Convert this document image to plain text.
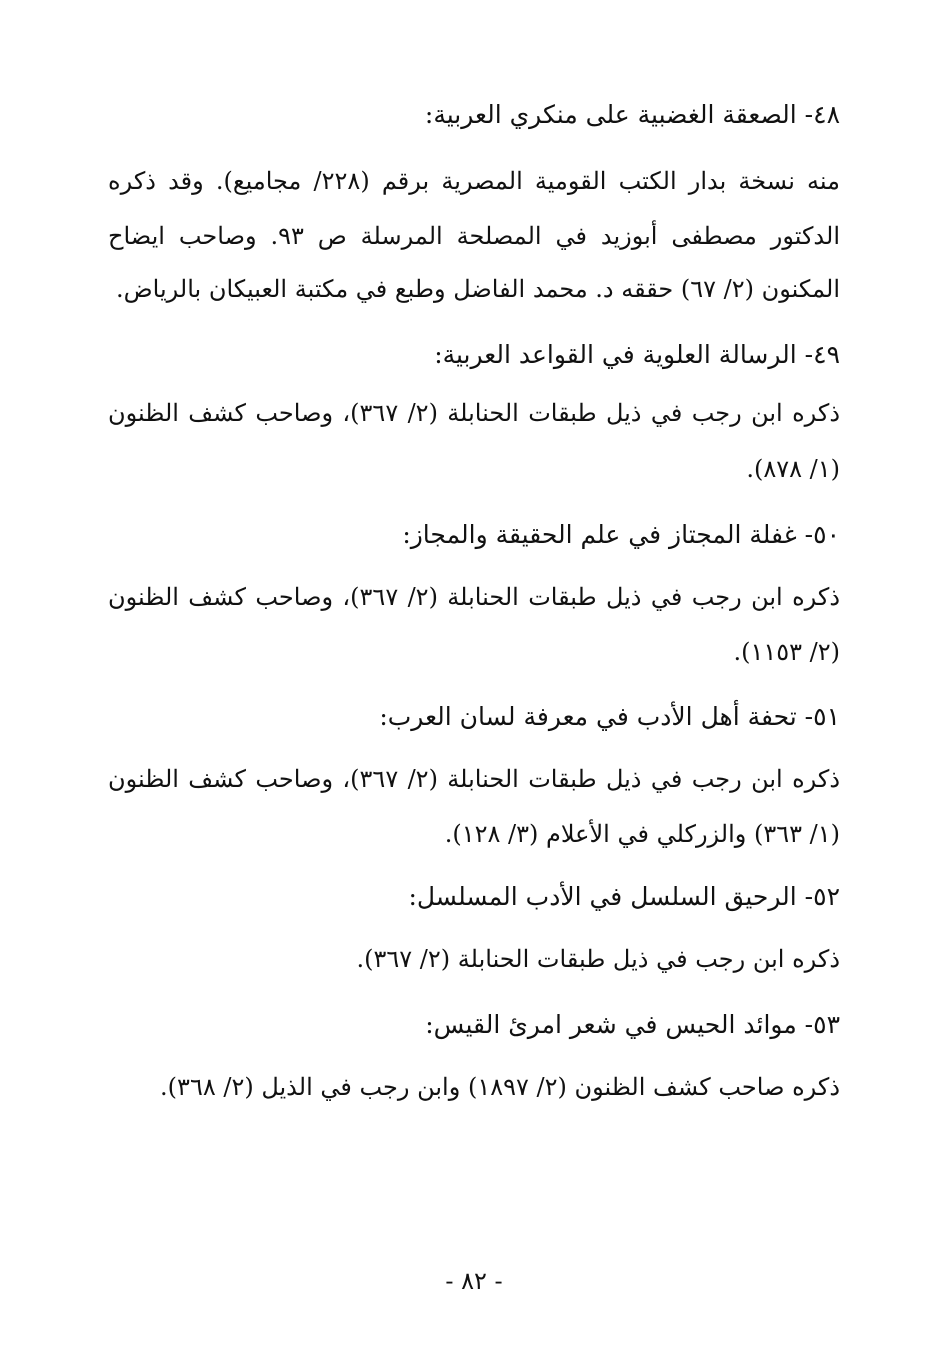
٤٨- الصعقة الغضبية على منكري العربية:
منه نسخة بدار الكتب القومية المصرية برقم (٢٢٨/ مجاميع). وقد ذكره
الدكتور مصطفى أبوزيد في المصلحة المرسلة ص ٩٣. وصاحب ايضاح
المكنون (٢/ ٦٧) حققه د. محمد الفاضل وطبع في مكتبة العبيكان بالرياض.
٤٩- الرسالة العلوية في القواعد العربية:
ذكره ابن رجب في ذيل طبقات الحنابلة (٢/ ٣٦٧)، وصاحب كشف الظنون
(١/ ٨٧٨).
٥٠- غفلة المجتاز في علم الحقيقة والمجاز:
ذكره ابن رجب في ذيل طبقات الحنابلة (٢/ ٣٦٧)، وصاحب كشف الظنون
(٢/ ١١٥٣).
٥١- تحفة أهل الأدب في معرفة لسان العرب:
ذكره ابن رجب في ذيل طبقات الحنابلة (٢/ ٣٦٧)، وصاحب كشف الظنون
(١/ ٣٦٣) والزركلي في الأعلام (٣/ ١٢٨).
٥٢- الرحيق السلسل في الأدب المسلسل:
ذكره ابن رجب في ذيل طبقات الحنابلة (٢/ ٣٦٧).
٥٣- موائد الحيس في شعر امرئ القيس:
ذكره صاحب كشف الظنون (٢/ ١٨٩٧) وابن رجب في الذيل (٢/ ٣٦٨).
- ٨٢ -
